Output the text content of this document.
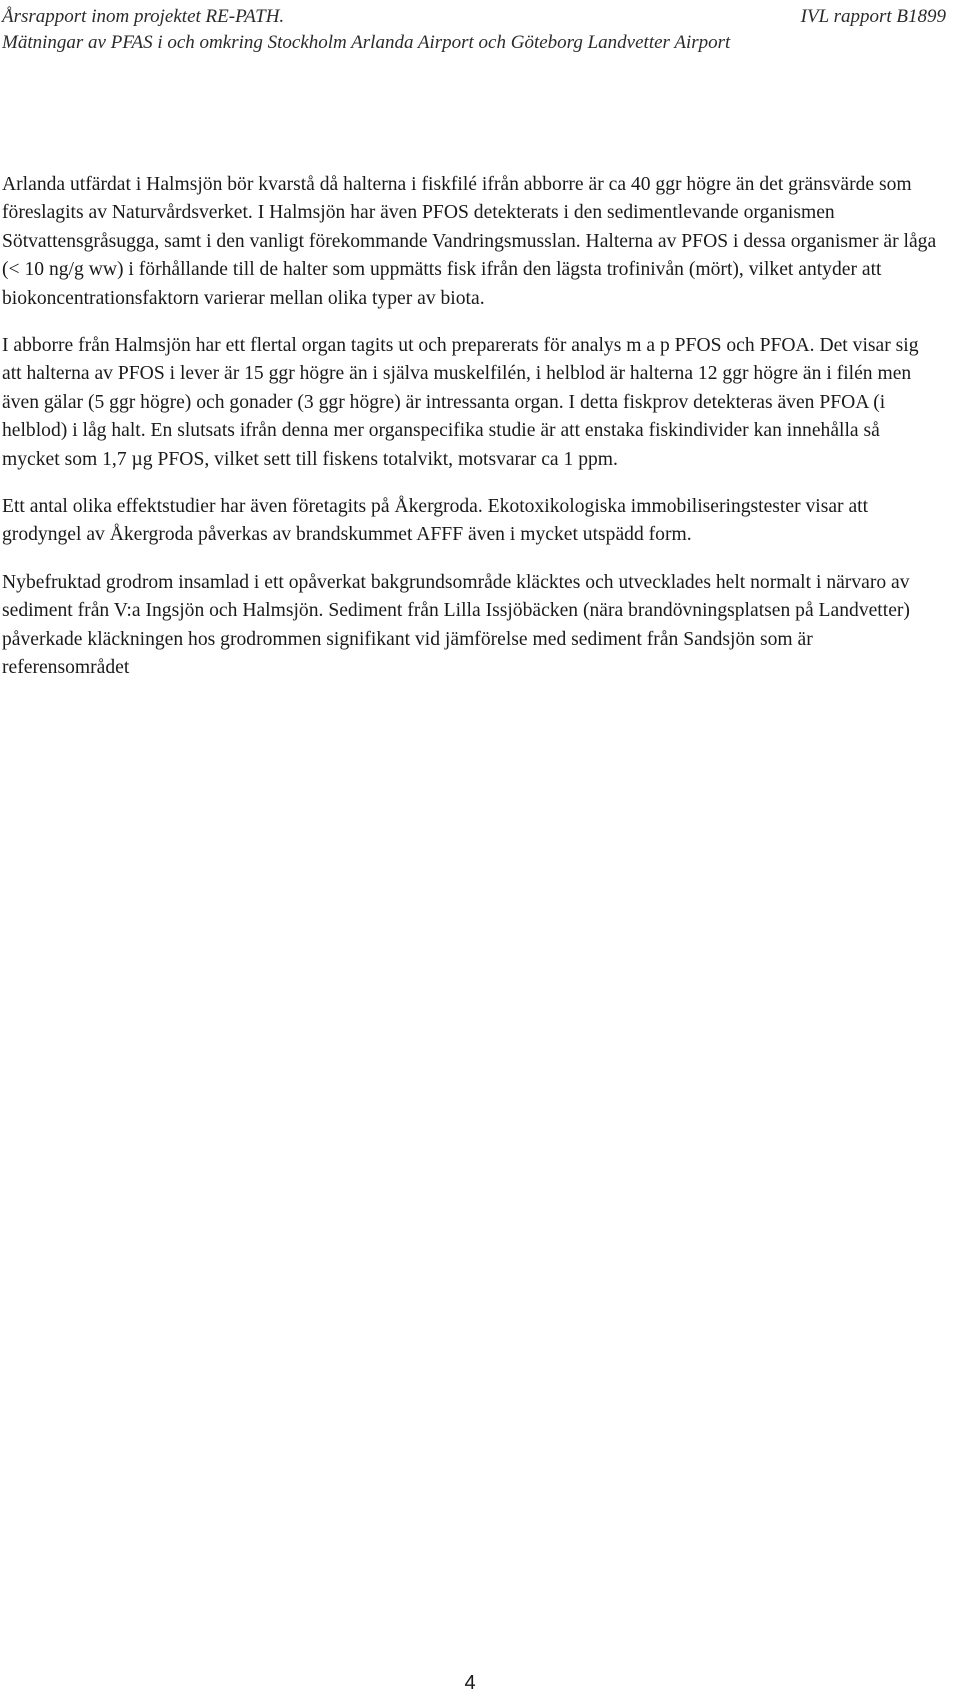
Årsrapport inom projektet RE-PATH.	IVL rapport B1899
Mätningar av PFAS i och omkring Stockholm Arlanda Airport och Göteborg Landvetter Airport

Arlanda utfärdat i Halmsjön bör kvarstå då halterna i fiskfilé ifrån abborre är ca 40 ggr högre än det gränsvärde som föreslagits av Naturvårdsverket. I Halmsjön har även PFOS detekterats i den sedimentlevande organismen Sötvattensgråsugga, samt i den vanligt förekommande Vandringsmusslan. Halterna av PFOS i dessa organismer är låga (< 10 ng/g ww) i förhållande till de halter som uppmätts fisk ifrån den lägsta trofinivån (mört), vilket antyder att biokoncentrationsfaktorn varierar mellan olika typer av biota.

I abborre från Halmsjön har ett flertal organ tagits ut och preparerats för analys m a p PFOS och PFOA. Det visar sig att halterna av PFOS i lever är 15 ggr högre än i själva muskelfilén, i helblod är halterna 12 ggr högre än i filén men även gälar (5 ggr högre) och gonader (3 ggr högre) är intressanta organ. I detta fiskprov detekteras även PFOA (i helblod) i låg halt. En slutsats ifrån denna mer organspecifika studie är att enstaka fiskindivider kan innehålla så mycket som 1,7 µg PFOS, vilket sett till fiskens totalvikt, motsvarar ca 1 ppm.

Ett antal olika effektstudier har även företagits på Åkergroda. Ekotoxikologiska immobiliseringstester visar att grodyngel av Åkergroda påverkas av brandskummet AFFF även i mycket utspädd form.

Nybefruktad grodrom insamlad i ett opåverkat bakgrundsområde kläcktes och utvecklades helt normalt i närvaro av sediment från V:a Ingsjön och Halmsjön. Sediment från Lilla Issjöbäcken (nära brandövningsplatsen på Landvetter) påverkade kläckningen hos grodrommen signifikant vid jämförelse med sediment från Sandsjön som är referensområdet

4
